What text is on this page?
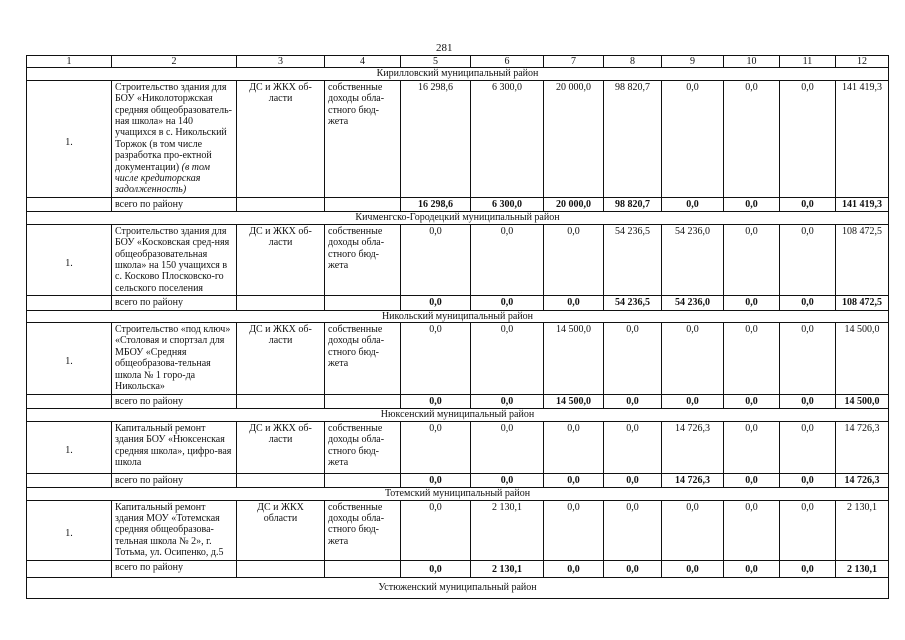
281
1	2	3	4	5	6	7	8	9	10	11	12
Кирилловский муниципальный район											
1.	Строительство здания для БОУ «Николоторжская средняя общеобразователь-ная школа» на 140 учащихся в с. Никольский Торжок (в том числе разработка про-ектной документации) (в том числе кредиторская задолженность)	ДС и ЖКХ об-ласти	собственные доходы обла-стного бюд-жета	16 298,6	6 300,0	20 000,0	98 820,7	0,0	0,0	0,0	141 419,3
	всего по району			16 298,6	6 300,0	20 000,0	98 820,7	0,0	0,0	0,0	141 419,3
Кичменгско-Городецкий муниципальный район											
1.	Строительство здания для БОУ «Косковская сред-няя общеобразовательная школа» на 150 учащихся в с. Косково Плосковско-го сельского поселения	ДС и ЖКХ об-ласти	собственные доходы обла-стного бюд-жета	0,0	0,0	0,0	54 236,5	54 236,0	0,0	0,0	108 472,5
	всего по району			0,0	0,0	0,0	54 236,5	54 236,0	0,0	0,0	108 472,5
Никольский муниципальный район											
1.	Строительство «под ключ» «Столовая и спортзал для МБОУ «Средняя общеобразова-тельная школа № 1 горо-да Никольска»	ДС и ЖКХ об-ласти	собственные доходы обла-стного бюд-жета	0,0	0,0	14 500,0	0,0	0,0	0,0	0,0	14 500,0
	всего по району			0,0	0,0	14 500,0	0,0	0,0	0,0	0,0	14 500,0
Нюксенский муниципальный район											
1.	Капитальный ремонт здания БОУ «Нюксенская средняя школа», цифро-вая школа	ДС и ЖКХ об-ласти	собственные доходы обла-стного бюд-жета	0,0	0,0	0,0	0,0	14 726,3	0,0	0,0	14 726,3
	всего по району			0,0	0,0	0,0	0,0	14 726,3	0,0	0,0	14 726,3
Тотемский муниципальный район											
1.	Капитальный ремонт здания МОУ «Тотемская средняя общеобразова-тельная школа № 2», г. Тотьма, ул. Осипенко, д.5	ДС и ЖКХ области	собственные доходы обла-стного бюд-жета	0,0	2 130,1	0,0	0,0	0,0	0,0	0,0	2 130,1
	всего по району			0,0	2 130,1	0,0	0,0	0,0	0,0	0,0	2 130,1
Устюженский муниципальный район											
